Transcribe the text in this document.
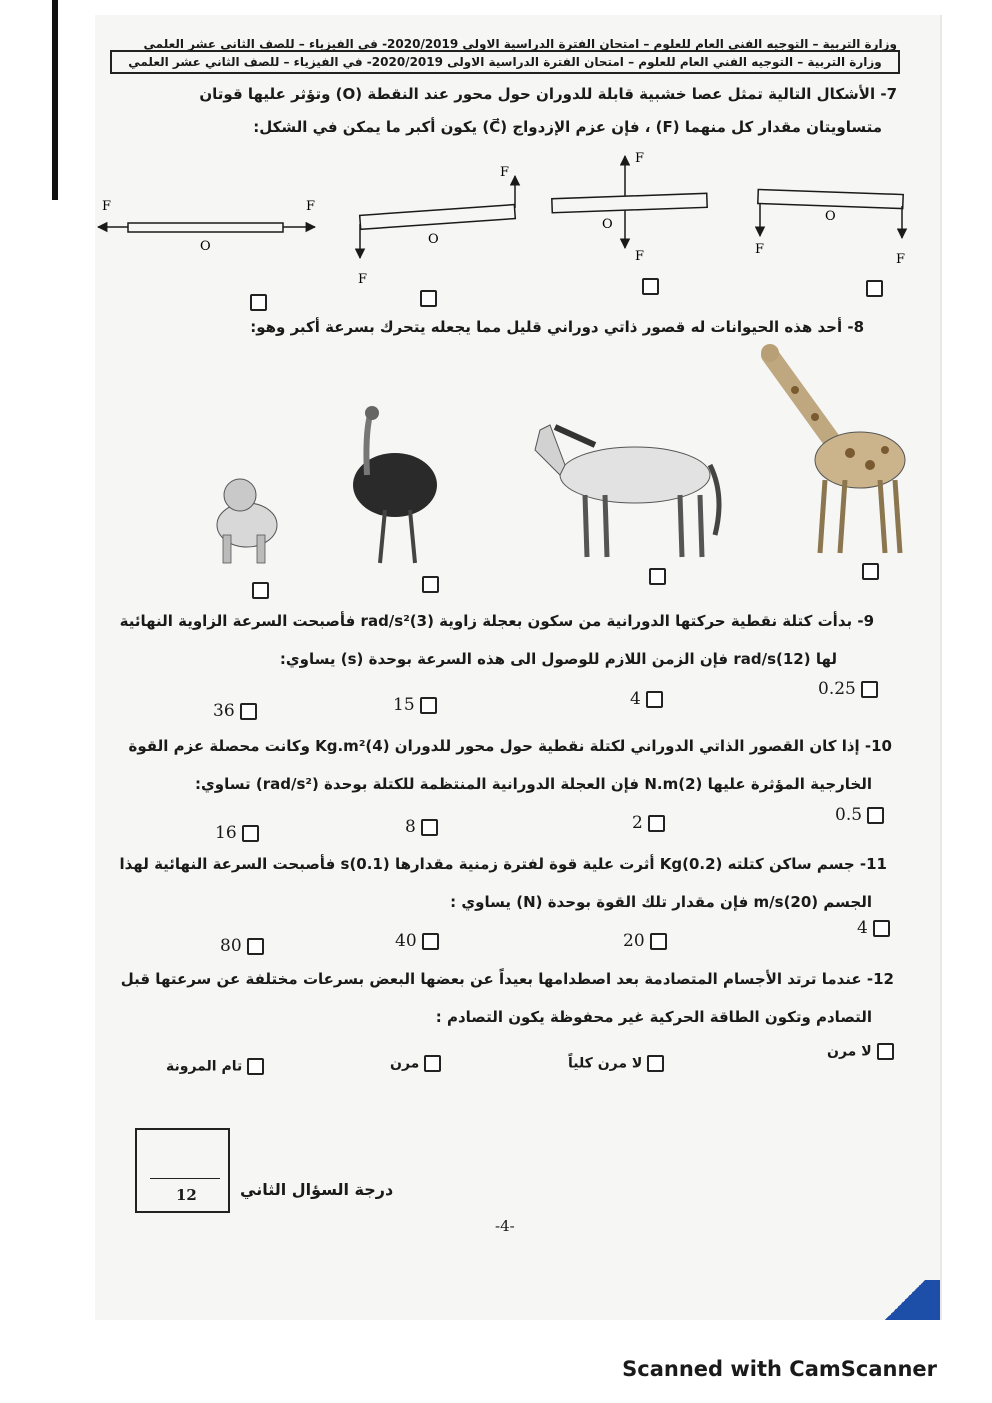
وزارة التربية – التوجيه الفني العام للعلوم – امتحان الفترة الدراسية الاولى 2020/2019- في الفيزياء – للصف الثاني عشر العلمي
وزارة التربية – التوجيه الفني العام للعلوم – امتحان الفترة الدراسية الاولى 2020/2019- في الفيزياء – للصف الثاني عشر العلمي
7- الأشكال التالية تمثل عصا خشبية قابلة للدوران حول محور عند النقطة (O) وتؤثر عليها قوتان
متساويتان مقدار كل منهما (F) ، فإن عزم الإزدواج (C⃗) يكون أكبر ما يمكن في الشكل:
F	F
O
F
F
O
F
F
O
F
F
O
8- أحد هذه الحيوانات له قصور ذاتي دوراني قليل مما يجعله يتحرك بسرعة أكبر وهو:
9- بدأت كتلة نقطية حركتها الدورانية من سكون بعجلة زاوية (3)rad/s² فأصبحت السرعة الزاوية النهائية
لها (12)rad/s فإن الزمن اللازم للوصول الى هذه السرعة بوحدة (s) يساوي:
36	15	4	0.25
10- إذا كان القصور الذاتي الدوراني لكتلة نقطية حول محور للدوران (4)Kg.m² وكانت محصلة عزم القوة
الخارجية المؤثرة عليها (2)N.m فإن العجلة الدورانية المنتظمة للكتلة بوحدة (rad/s²) تساوي:
16	8	2	0.5
11- جسم ساكن كتلته (0.2)Kg أثرت علية قوة لفترة زمنية مقدارها (0.1)s فأصبحت السرعة النهائية لهذا
الجسم (20)m/s فإن مقدار تلك القوة بوحدة (N) يساوي :
80	40	20
4
12- عندما ترتد الأجسام المتصادمة بعد اصطدامها بعيداً عن بعضها البعض بسرعات مختلفة عن سرعتها قبل
التصادم وتكون الطاقة الحركية غير محفوظة يكون التصادم :
تام المرونة	مرن	لا مرن كلياً
لا مرن
12	درجة السؤال الثاني
-4-
Scanned with CamScanner
